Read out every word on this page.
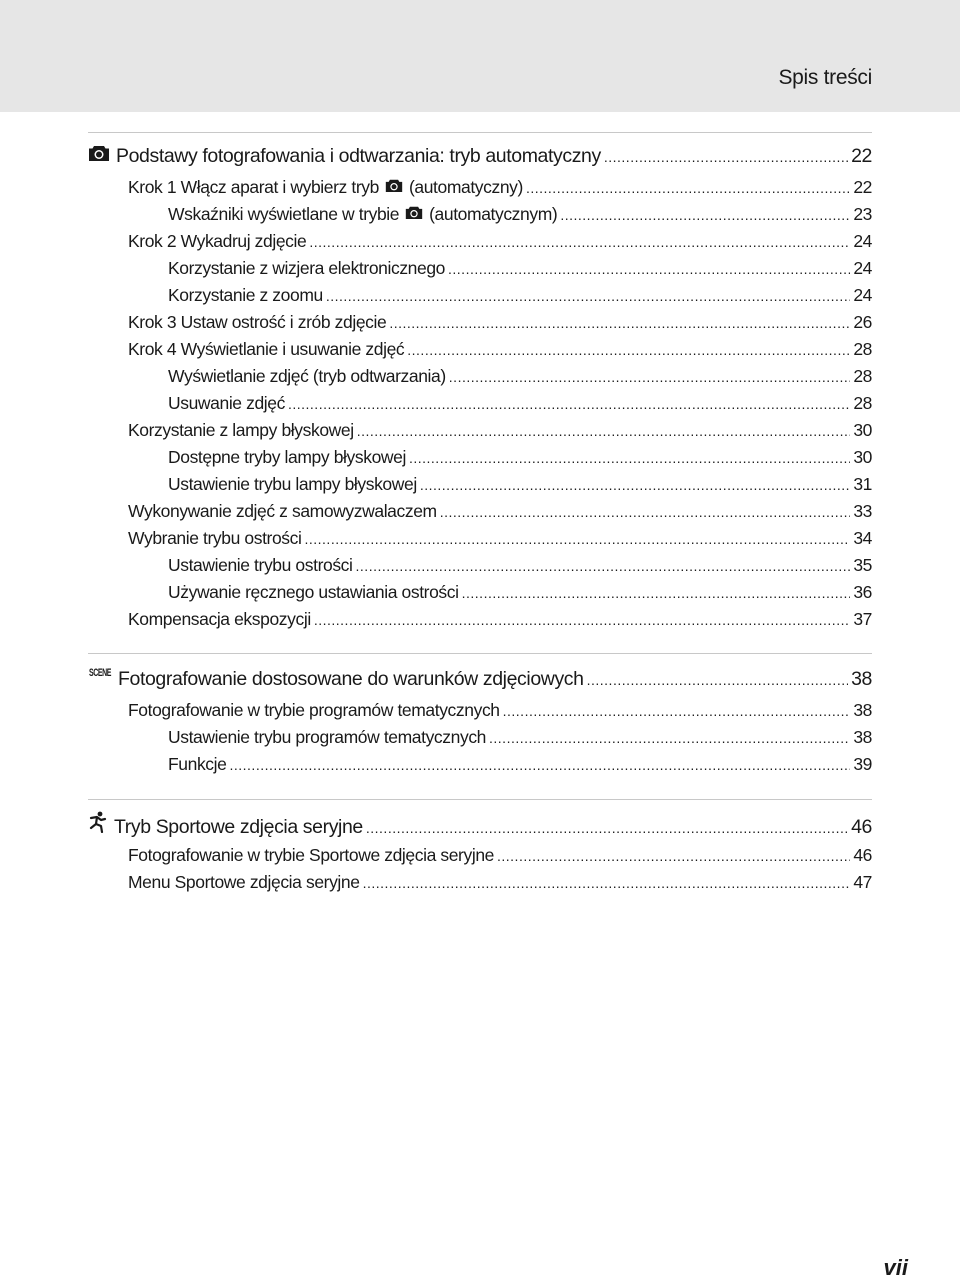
Spis treści
Podstawy fotografowania i odtwarzania: tryb automatyczny .....	22
Krok 1 Włącz aparat i wybierz tryb (automatyczny) .....	22
Wskaźniki wyświetlane w trybie (automatycznym) .....	23
Krok 2 Wykadruj zdjęcie .....	24
Korzystanie z wizjera elektronicznego .....	24
Korzystanie z zoomu .....	24
Krok 3 Ustaw ostrość i zrób zdjęcie .....	26
Krok 4 Wyświetlanie i usuwanie zdjęć .....	28
Wyświetlanie zdjęć (tryb odtwarzania) .....	28
Usuwanie zdjęć .....	28
Korzystanie z lampy błyskowej .....	30
Dostępne tryby lampy błyskowej .....	30
Ustawienie trybu lampy błyskowej .....	31
Wykonywanie zdjęć z samowyzwalaczem .....	33
Wybranie trybu ostrości .....	34
Ustawienie trybu ostrości .....	35
Używanie ręcznego ustawiania ostrości .....	36
Kompensacja ekspozycji .....	37
SCENE Fotografowanie dostosowane do warunków zdjęciowych .....	38
Fotografowanie w trybie programów tematycznych .....	38
Ustawienie trybu programów tematycznych .....	38
Funkcje .....	39
Tryb Sportowe zdjęcia seryjne .....	46
Fotografowanie w trybie Sportowe zdjęcia seryjne .....	46
Menu Sportowe zdjęcia seryjne .....	47
vii
